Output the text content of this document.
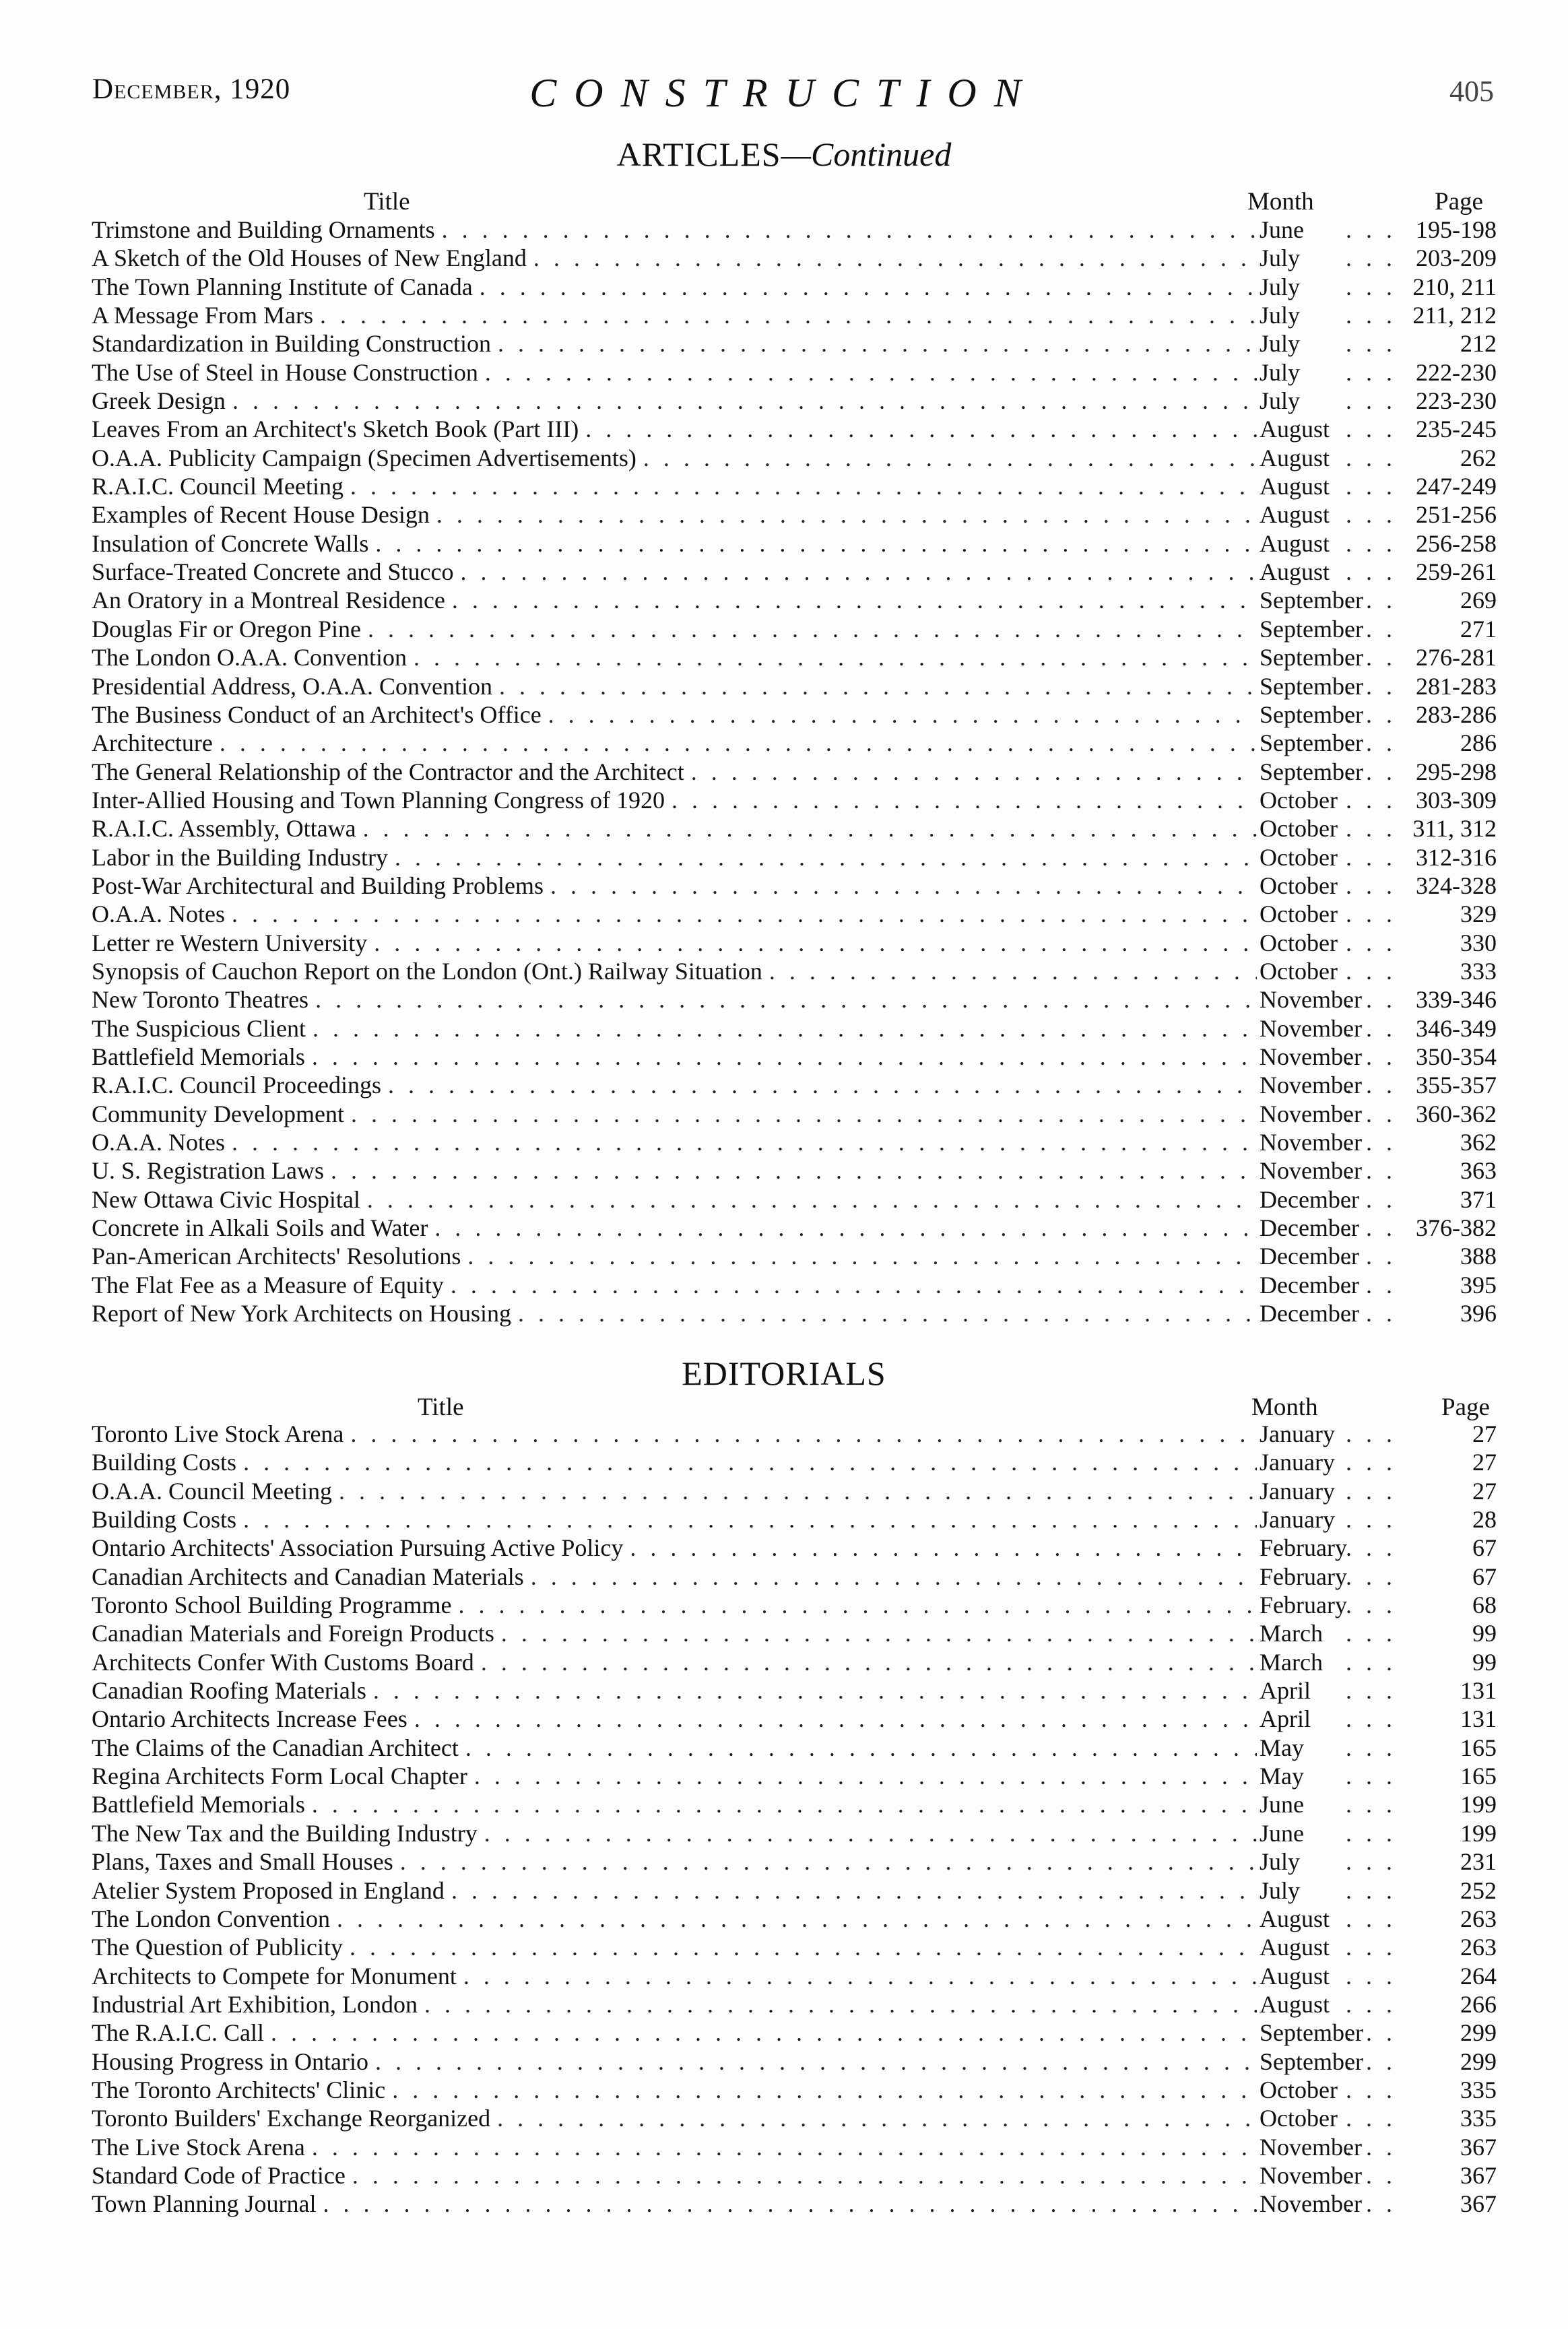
December, 1920	CONSTRUCTION	405
ARTICLES—Continued
Title	Month	Page
Trimstone and Building Ornaments . . .	June . . .	195-198
A Sketch of the Old Houses of New England . . .	July . . .	203-209
The Town Planning Institute of Canada . . .	July . . .	210, 211
A Message From Mars . . .	July . . .	211, 212
Standardization in Building Construction . . .	July . . .	212
The Use of Steel in House Construction . . .	July . . .	222-230
Greek Design . . .	July . . .	223-230
Leaves From an Architect's Sketch Book (Part III) . . .	August . . .	235-245
O.A.A. Publicity Campaign (Specimen Advertisements) . . .	August . . .	262
R.A.I.C. Council Meeting . . .	August . . .	247-249
Examples of Recent House Design . . .	August . . .	251-256
Insulation of Concrete Walls . . .	August . . .	256-258
Surface-Treated Concrete and Stucco . . .	August . . .	259-261
An Oratory in a Montreal Residence . . .	September . . .	269
Douglas Fir or Oregon Pine . . .	September . . .	271
The London O.A.A. Convention . . .	September . . .	276-281
Presidential Address, O.A.A. Convention . . .	September . . .	281-283
The Business Conduct of an Architect's Office . . .	September . . .	283-286
Architecture . . .	September . . .	286
The General Relationship of the Contractor and the Architect . . .	September . . .	295-298
Inter-Allied Housing and Town Planning Congress of 1920 . . .	October . . .	303-309
R.A.I.C. Assembly, Ottawa . . .	October . . .	311, 312
Labor in the Building Industry . . .	October . . .	312-316
Post-War Architectural and Building Problems . . .	October . . .	324-328
O.A.A. Notes . . .	October . . .	329
Letter re Western University . . .	October . . .	330
Synopsis of Cauchon Report on the London (Ont.) Railway Situation . . .	October . . .	333
New Toronto Theatres . . .	November . . .	339-346
The Suspicious Client . . .	November . . .	346-349
Battlefield Memorials . . .	November . . .	350-354
R.A.I.C. Council Proceedings . . .	November . . .	355-357
Community Development . . .	November . . .	360-362
O.A.A. Notes . . .	November . . .	362
U. S. Registration Laws . . .	November . . .	363
New Ottawa Civic Hospital . . .	December . . .	371
Concrete in Alkali Soils and Water . . .	December . . .	376-382
Pan-American Architects' Resolutions . . .	December . . .	388
The Flat Fee as a Measure of Equity . . .	December . . .	395
Report of New York Architects on Housing . . .	December . . .	396
EDITORIALS
Title	Month	Page
Toronto Live Stock Arena . . .	January . . .	27
Building Costs . . .	January . . .	27
O.A.A. Council Meeting . . .	January . . .	27
Building Costs . . .	January . . .	28
Ontario Architects' Association Pursuing Active Policy . . .	February . . .	67
Canadian Architects and Canadian Materials . . .	February . . .	67
Toronto School Building Programme . . .	February . . .	68
Canadian Materials and Foreign Products . . .	March . . .	99
Architects Confer With Customs Board . . .	March . . .	99
Canadian Roofing Materials . . .	April . . .	131
Ontario Architects Increase Fees . . .	April . . .	131
The Claims of the Canadian Architect . . .	May . . .	165
Regina Architects Form Local Chapter . . .	May . . .	165
Battlefield Memorials . . .	June . . .	199
The New Tax and the Building Industry . . .	June . . .	199
Plans, Taxes and Small Houses . . .	July . . .	231
Atelier System Proposed in England . . .	July . . .	252
The London Convention . . .	August . . .	263
The Question of Publicity . . .	August . . .	263
Architects to Compete for Monument . . .	August . . .	264
Industrial Art Exhibition, London . . .	August . . .	266
The R.A.I.C. Call . . .	September . . .	299
Housing Progress in Ontario . . .	September . . .	299
The Toronto Architects' Clinic . . .	October . . .	335
Toronto Builders' Exchange Reorganized . . .	October . . .	335
The Live Stock Arena . . .	November . . .	367
Standard Code of Practice . . .	November . . .	367
Town Planning Journal . . .	November . . .	367
